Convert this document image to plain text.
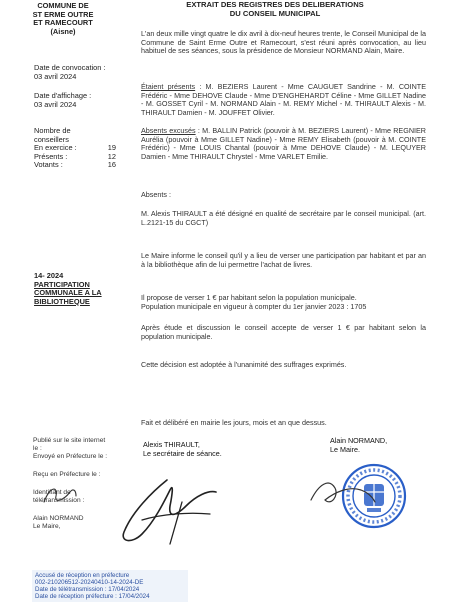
COMMUNE DE
ST ERME OUTRE
ET RAMECOURT
(Aisne)
EXTRAIT DES REGISTRES DES DELIBERATIONS
DU CONSEIL MUNICIPAL
Date de convocation :
03 avril 2024
Date d'affichage :
03 avril 2024
Nombre de
conseillers
En exercice :	19
Présents :	12
Votants :	16
L'an deux mille vingt quatre le dix avril à dix-neuf heures trente, le Conseil Municipal de la Commune de Saint Erme Outre et Ramecourt, s'est réuni après convocation, au lieu habituel de ses séances, sous la présidence de Monsieur NORMAND Alain, Maire.
Étaient présents : M. BEZIERS Laurent - Mme CAUGUET Sandrine - M. COINTE Frédéric - Mme DEHOVE Claude - Mme D'ENGHEHARDT Céline - Mme GILLET Nadine - M. GOSSET Cyril - M. NORMAND Alain - M. REMY Michel - M. THIRAULT Alexis - M. THIRAULT Damien - M. JOUFFET Olivier.
Absents excusés : M. BALLIN Patrick (pouvoir à M. BEZIERS Laurent) - Mme REGNIER Aurélia (pouvoir à Mme GILLET Nadine) - Mme REMY Elisabeth (pouvoir à M. COINTE Frédéric) - Mme LOUIS Chantal (pouvoir à Mme DEHOVE Claude) - M. LEQUYER Damien - Mme THIRAULT Chrystel - Mme VARLET Emilie.
Absents :
M. Alexis THIRAULT a été désigné en qualité de secrétaire par le conseil municipal. (art. L.2121-15 du CGCT)
14- 2024
PARTICIPATION
COMMUNALE A LA
BIBLIOTHEQUE
Le Maire informe le conseil qu'il y a lieu de verser une participation par habitant et par an à la bibliothèque afin de lui permettre l'achat de livres.
Il propose de verser 1 € par habitant selon la population municipale.
Population municipale en vigueur à compter du 1er janvier 2023 : 1705
Après étude et discussion le conseil accepte de verser 1 € par habitant selon la population municipale.
Cette décision est adoptée à l'unanimité des suffrages exprimés.
Fait et délibéré en mairie les jours, mois et an que dessus.
Publié sur le site internet
le :
Envoyé en Préfecture le :
Reçu en Préfecture le :
Identifiant de
télétransmission :
Alain NORMAND
Le Maire,
Alexis THIRAULT,
Le secrétaire de séance.
Alain NORMAND,
Le Maire.
Accusé de réception en préfecture
002-210206512-20240410-14-2024-DE
Date de télétransmission : 17/04/2024
Date de réception préfecture : 17/04/2024
